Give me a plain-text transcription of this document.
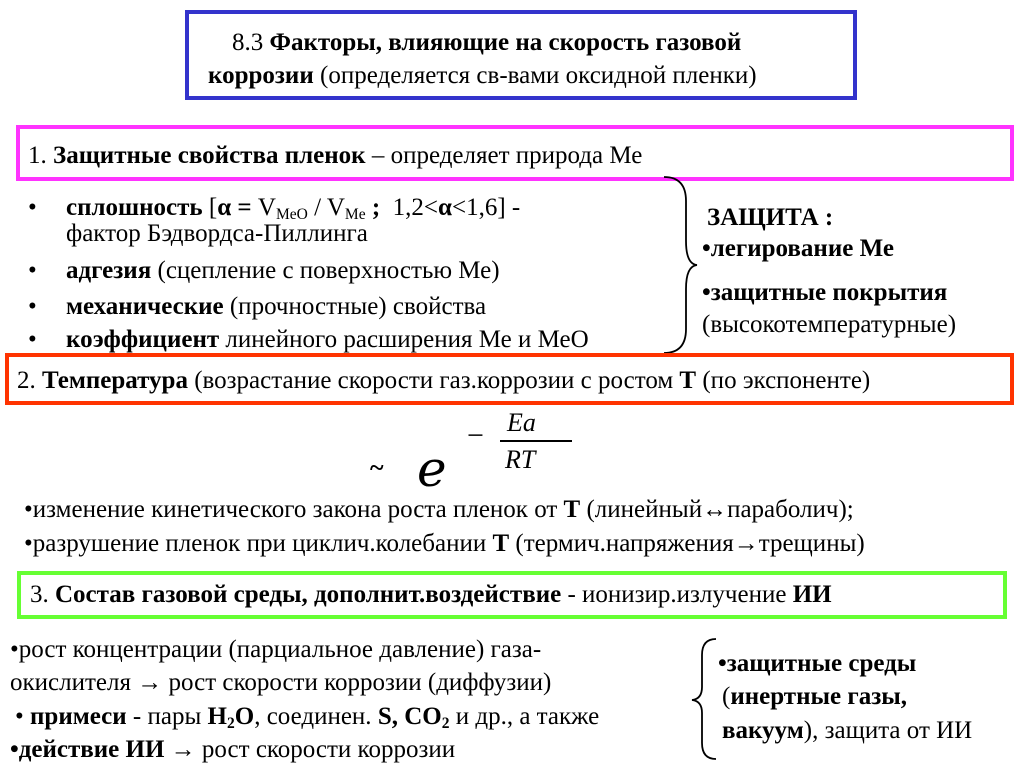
8.3 Факторы, влияющие на скорость газовой
коррозии (определяется св-вами оксидной пленки)
1. Защитные свойства пленок – определяет природа Ме
• сплошность [$\alpha = V_{MeO} / V_{Me}$ ; 1,2<α<1,6] -
фактор Бэдвордса-Пиллинга
• адгезия (сцепление с поверхностью Ме)
• механические (прочностные) свойства
• коэффициент линейного расширения Ме и МеО
ЗАЩИТА :
•легирование Ме
•защитные покрытия
(высокотемпературные)
2. Температура (возрастание скорости газ.коррозии с ростом Т (по экспоненте)
~ e
− Ea
RT
•изменение кинетического закона роста пленок от Т (линейный↔параболич);
•разрушение пленок при циклич.колебании Т (термич.напряжения→трещины)
3. Состав газовой среды, дополнит.воздействие - ионизир.излучение ИИ
•рост концентрации (парциальное давление) газа-
окислителя → рост скорости коррозии (диффузии)
• примеси - пары $H_2O$, соединен. S, $CO_2$ и др., а также
•действие ИИ → рост скорости коррозии
•защитные среды
(инертные газы,
вакуум), защита от ИИ
